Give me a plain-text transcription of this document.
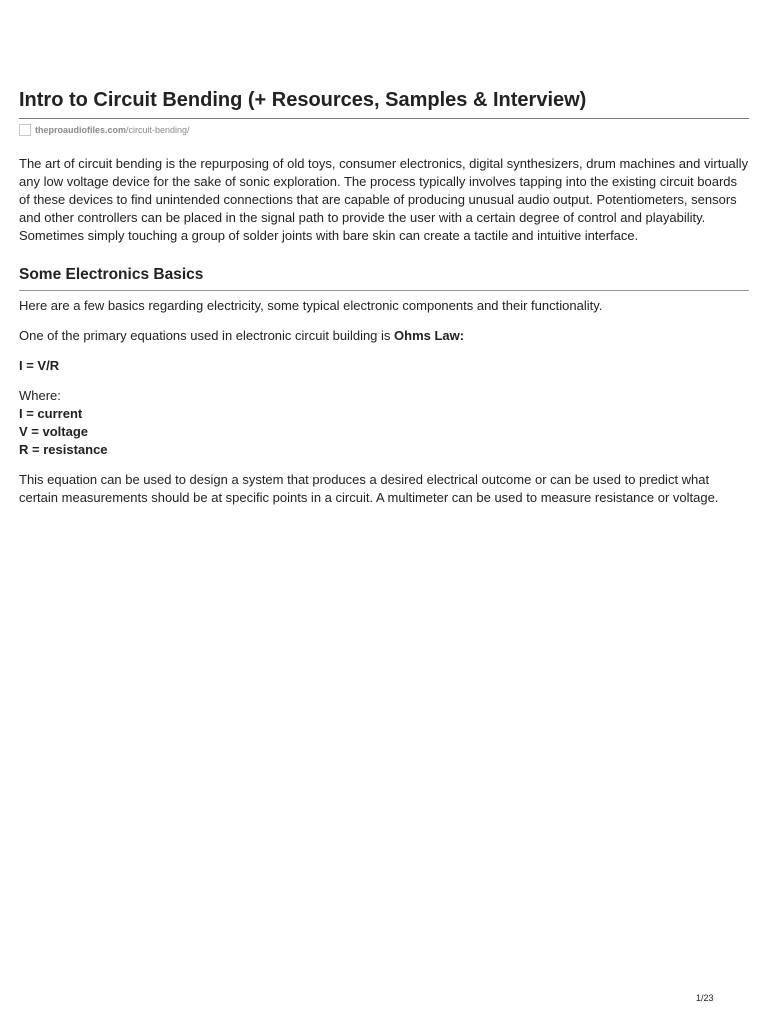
Intro to Circuit Bending (+ Resources, Samples & Interview)
theproaudiofiles.com /circuit-bending/

The art of circuit bending is the repurposing of old toys, consumer electronics, digital synthesizers, drum machines and virtually any low voltage device for the sake of sonic exploration. The process typically involves tapping into the existing circuit boards of these devices to find unintended connections that are capable of producing unusual audio output. Potentiometers, sensors and other controllers can be placed in the signal path to provide the user with a certain degree of control and playability. Sometimes simply touching a group of solder joints with bare skin can create a tactile and intuitive interface.

Some Electronics Basics

Here are a few basics regarding electricity, some typical electronic components and their functionality.

One of the primary equations used in electronic circuit building is Ohms Law:

I = V/R

Where:
I = current
V = voltage
R = resistance

This equation can be used to design a system that produces a desired electrical outcome or can be used to predict what certain measurements should be at specific points in a circuit. A multimeter can be used to measure resistance or voltage.

1/23
